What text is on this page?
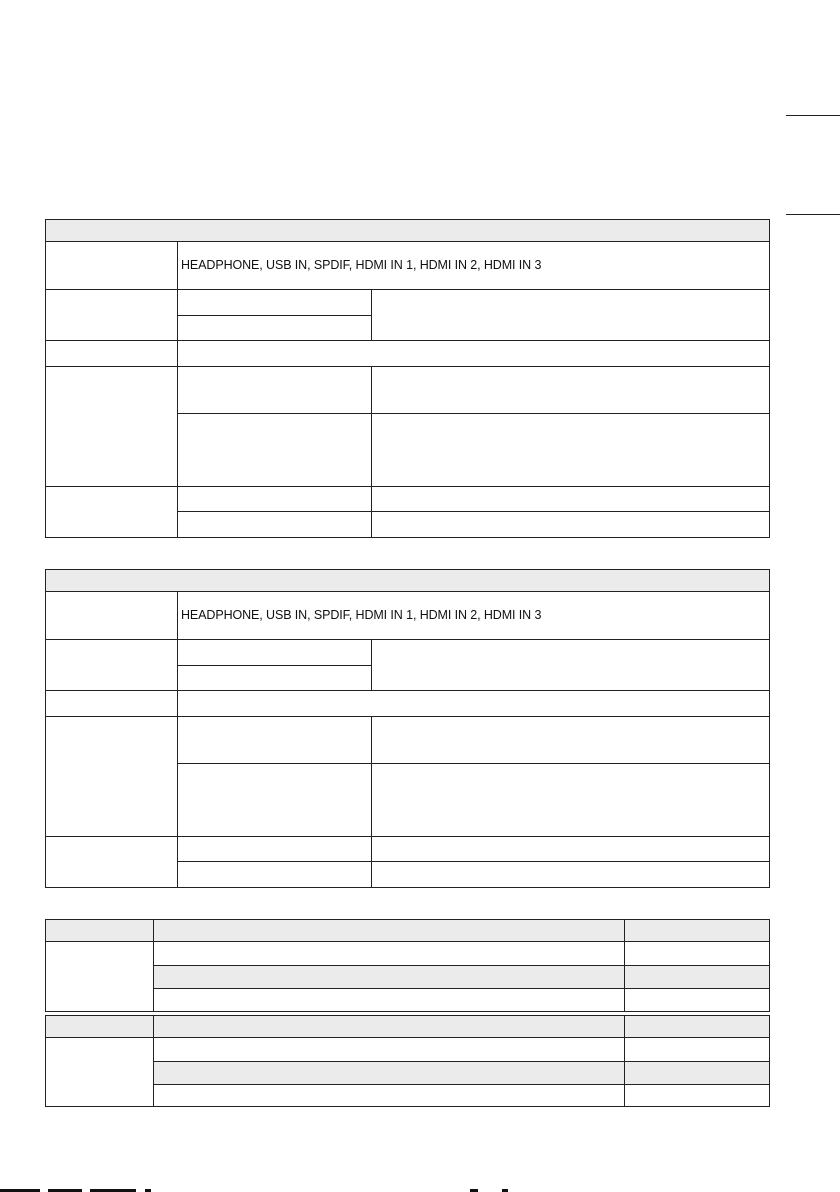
HEADPHONE, USB IN, SPDIF, HDMI IN 1, HDMI IN 2, HDMI IN 3
HEADPHONE, USB IN, SPDIF, HDMI IN 1, HDMI IN 2, HDMI IN 3
